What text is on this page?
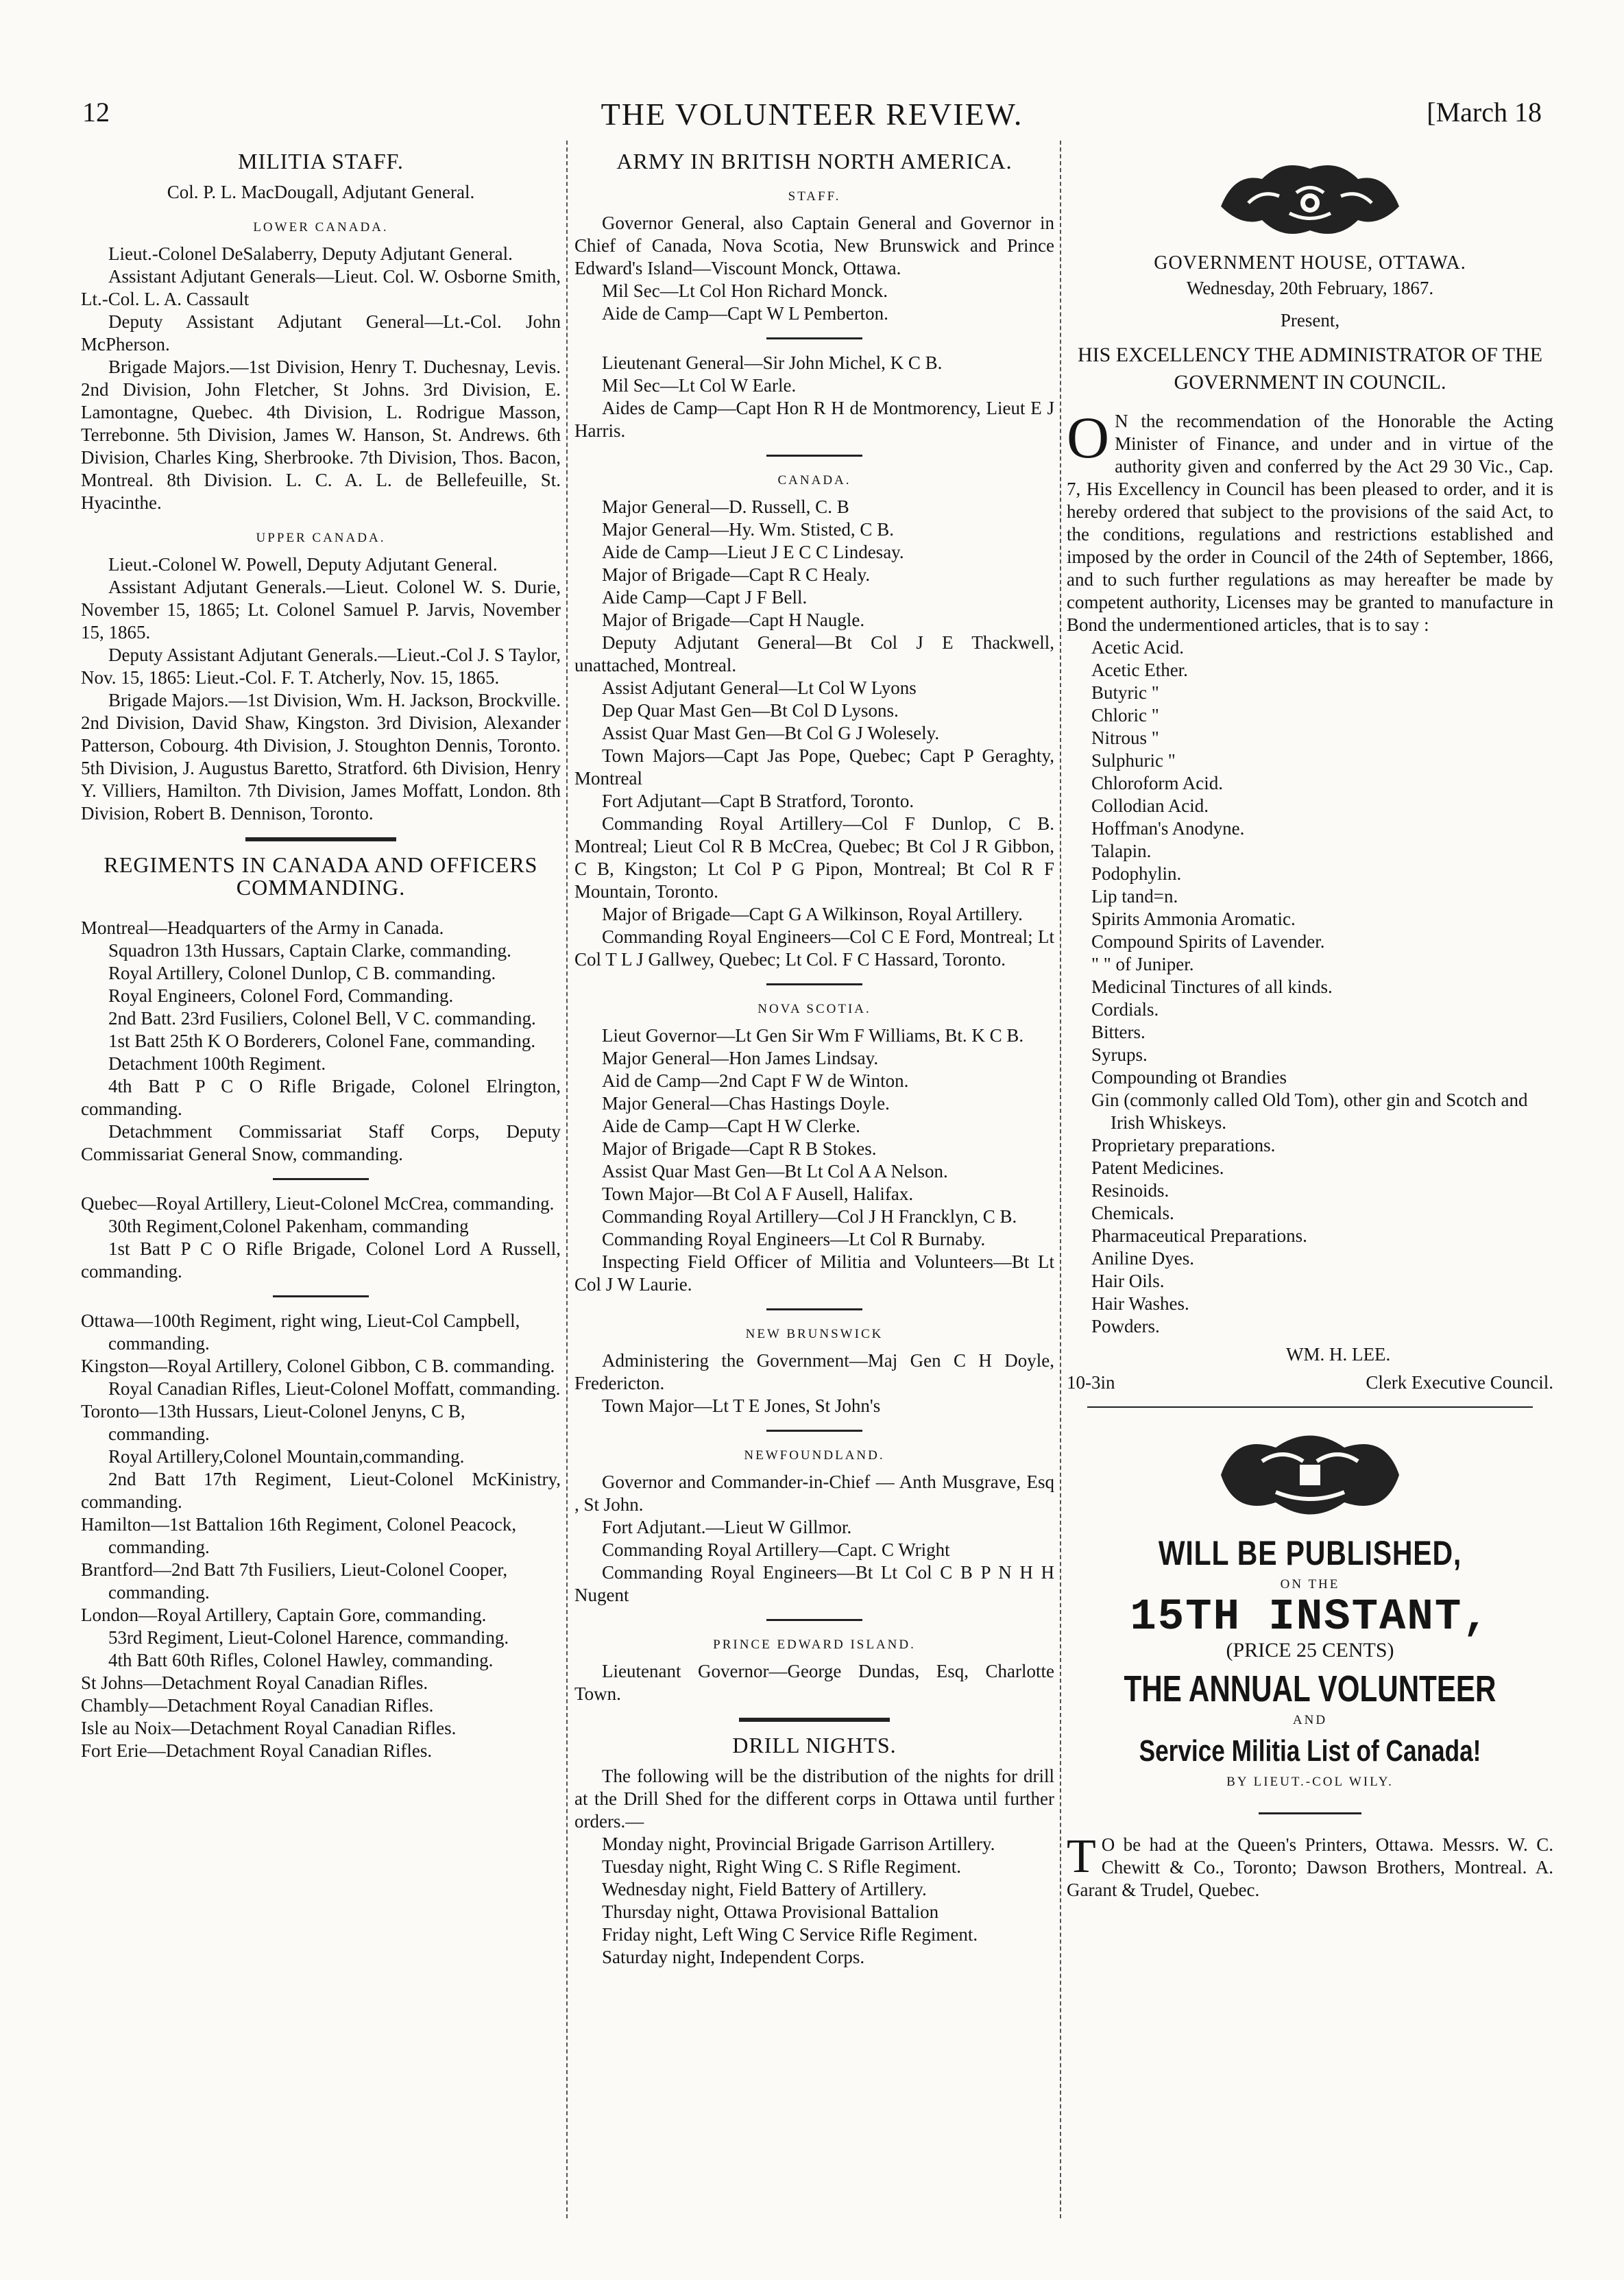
12	THE VOLUNTEER REVIEW.	[March 18
MILITIA STAFF.
Col. P. L. MacDougall, Adjutant General.
LOWER CANADA.
Lieut.-Colonel DeSalaberry, Deputy Adjutant General.
Assistant Adjutant Generals—Lieut. Col. W. Osborne Smith, Lt.-Col. L. A. Cassault
Deputy Assistant Adjutant General—Lt.-Col. John McPherson.
Brigade Majors.—1st Division, Henry T. Duchesnay, Levis. 2nd Division, John Fletcher, St Johns. 3rd Division, E. Lamontagne, Quebec. 4th Division, L. Rodrigue Masson, Terrebonne. 5th Division, James W. Hanson, St. Andrews. 6th Division, Charles King, Sherbrooke. 7th Division, Thos. Bacon, Montreal. 8th Division. L. C. A. L. de Bellefeuille, St. Hyacinthe.
UPPER CANADA.
Lieut.-Colonel W. Powell, Deputy Adjutant General.
Assistant Adjutant Generals.—Lieut. Colonel W. S. Durie, November 15, 1865; Lt. Colonel Samuel P. Jarvis, November 15, 1865.
Deputy Assistant Adjutant Generals.—Lieut.-Col J. S Taylor, Nov. 15, 1865: Lieut.-Col. F. T. Atcherly, Nov. 15, 1865.
Brigade Majors.—1st Division, Wm. H. Jackson, Brockville. 2nd Division, David Shaw, Kingston. 3rd Division, Alexander Patterson, Cobourg. 4th Division, J. Stoughton Dennis, Toronto. 5th Division, J. Augustus Baretto, Stratford. 6th Division, Henry Y. Villiers, Hamilton. 7th Division, James Moffatt, London. 8th Division, Robert B. Dennison, Toronto.
REGIMENTS IN CANADA AND OFFICERS COMMANDING.
Montreal—Headquarters of the Army in Canada.
Squadron 13th Hussars, Captain Clarke, commanding.
Royal Artillery, Colonel Dunlop, C B. commanding.
Royal Engineers, Colonel Ford, Commanding.
2nd Batt. 23rd Fusiliers, Colonel Bell, V C. commanding.
1st Batt 25th K O Borderers, Colonel Fane, commanding.
Detachment 100th Regiment.
4th Batt P C O Rifle Brigade, Colonel Elrington, commanding.
Detachmment Commissariat Staff Corps, Deputy Commissariat General Snow, commanding.
Quebec—Royal Artillery, Lieut-Colonel McCrea, commanding.
30th Regiment,Colonel Pakenham, commanding
1st Batt P C O Rifle Brigade, Colonel Lord A Russell, commanding.
Ottawa—100th Regiment, right wing, Lieut-Col Campbell, commanding.
Kingston—Royal Artillery, Colonel Gibbon, C B. commanding.
Royal Canadian Rifles, Lieut-Colonel Moffatt, commanding.
Toronto—13th Hussars, Lieut-Colonel Jenyns, C B, commanding.
Royal Artillery,Colonel Mountain,commanding.
2nd Batt 17th Regiment, Lieut-Colonel McKinistry, commanding.
Hamilton—1st Battalion 16th Regiment, Colonel Peacock, commanding.
Brantford—2nd Batt 7th Fusiliers, Lieut-Colonel Cooper, commanding.
London—Royal Artillery, Captain Gore, commanding.
53rd Regiment, Lieut-Colonel Harence, commanding.
4th Batt 60th Rifles, Colonel Hawley, commanding.
St Johns—Detachment Royal Canadian Rifles.
Chambly—Detachment Royal Canadian Rifles.
Isle au Noix—Detachment Royal Canadian Rifles.
Fort Erie—Detachment Royal Canadian Rifles.
ARMY IN BRITISH NORTH AMERICA.
STAFF.
Governor General, also Captain General and Governor in Chief of Canada, Nova Scotia, New Brunswick and Prince Edward's Island—Viscount Monck, Ottawa.
Mil Sec—Lt Col Hon Richard Monck.
Aide de Camp—Capt W L Pemberton.
Lieutenant General—Sir John Michel, K C B.
Mil Sec—Lt Col W Earle.
Aides de Camp—Capt Hon R H de Montmorency, Lieut E J Harris.
CANADA.
Major General—D. Russell, C. B
Major General—Hy. Wm. Stisted, C B.
Aide de Camp—Lieut J E C C Lindesay.
Major of Brigade—Capt R C Healy.
Aide Camp—Capt J F Bell.
Major of Brigade—Capt H Naugle.
Deputy Adjutant General—Bt Col J E Thackwell, unattached, Montreal.
Assist Adjutant General—Lt Col W Lyons
Dep Quar Mast Gen—Bt Col D Lysons.
Assist Quar Mast Gen—Bt Col G J Wolesely.
Town Majors—Capt Jas Pope, Quebec; Capt P Geraghty, Montreal
Fort Adjutant—Capt B Stratford, Toronto.
Commanding Royal Artillery—Col F Dunlop, C B. Montreal; Lieut Col R B McCrea, Quebec; Bt Col J R Gibbon, C B, Kingston; Lt Col P G Pipon, Montreal; Bt Col R F Mountain, Toronto.
Major of Brigade—Capt G A Wilkinson, Royal Artillery.
Commanding Royal Engineers—Col C E Ford, Montreal; Lt Col T L J Gallwey, Quebec; Lt Col. F C Hassard, Toronto.
NOVA SCOTIA.
Lieut Governor—Lt Gen Sir Wm F Williams, Bt. K C B.
Major General—Hon James Lindsay.
Aid de Camp—2nd Capt F W de Winton.
Major General—Chas Hastings Doyle.
Aide de Camp—Capt H W Clerke.
Major of Brigade—Capt R B Stokes.
Assist Quar Mast Gen—Bt Lt Col A A Nelson.
Town Major—Bt Col A F Ausell, Halifax.
Commanding Royal Artillery—Col J H Francklyn, C B.
Commanding Royal Engineers—Lt Col R Burnaby.
Inspecting Field Officer of Militia and Volunteers—Bt Lt Col J W Laurie.
NEW BRUNSWICK
Administering the Government—Maj Gen C H Doyle, Fredericton.
Town Major—Lt T E Jones, St John's
NEWFOUNDLAND.
Governor and Commander-in-Chief — Anth Musgrave, Esq , St John.
Fort Adjutant.—Lieut W Gillmor.
Commanding Royal Artillery—Capt. C Wright
Commanding Royal Engineers—Bt Lt Col C B P N H H Nugent
PRINCE EDWARD ISLAND.
Lieutenant Governor—George Dundas, Esq, Charlotte Town.
DRILL NIGHTS.
The following will be the distribution of the nights for drill at the Drill Shed for the different corps in Ottawa until further orders.—
Monday night, Provincial Brigade Garrison Artillery.
Tuesday night, Right Wing C. S Rifle Regiment.
Wednesday night, Field Battery of Artillery.
Thursday night, Ottawa Provisional Battalion
Friday night, Left Wing C Service Rifle Regiment.
Saturday night, Independent Corps.
GOVERNMENT HOUSE, OTTAWA.
Wednesday, 20th February, 1867.
Present,
HIS EXCELLENCY THE ADMINISTRATOR OF THE GOVERNMENT IN COUNCIL.

O N the recommendation of the Honorable the Acting Minister of Finance, and under and in virtue of the authority given and conferred by the Act 29 30 Vic., Cap. 7, His Excellency in Council has been pleased to order, and it is hereby ordered that subject to the provisions of the said Act, to the conditions, regulations and restrictions established and imposed by the order in Council of the 24th of September, 1866, and to such further regulations as may hereafter be made by competent authority, Licenses may be granted to manufacture in Bond the undermentioned articles, that is to say :

Acetic Acid.
Acetic Ether.
Butyric "
Chloric "
Nitrous "
Sulphuric "
Chloroform Acid.
Collodian Acid.
Hoffman's Anodyne.
Talapin.
Podophylin.
Lip tand=n.
Spirits Ammonia Aromatic.
Compound Spirits of Lavender.
" " of Juniper.
Medicinal Tinctures of all kinds.
Cordials.
Bitters.
Syrups.
Compounding ot Brandies
Gin (commonly called Old Tom), other gin and Scotch and Irish Whiskeys.
Proprietary preparations.
Patent Medicines.
Resinoids.
Chemicals.
Pharmaceutical Preparations.
Aniline Dyes.
Hair Oils.
Hair Washes.
Powders.
WM. H. LEE.
10-3in	Clerk Executive Council.
WILL BE PUBLISHED,
ON THE
15TH INSTANT,
(PRICE 25 CENTS)
THE ANNUAL VOLUNTEER
AND
Service Militia List of Canada!
BY LIEUT.-COL WILY.

T O be had at the Queen's Printers, Ottawa. Messrs. W. C. Chewitt & Co., Toronto; Dawson Brothers, Montreal. A. Garant & Trudel, Quebec.
